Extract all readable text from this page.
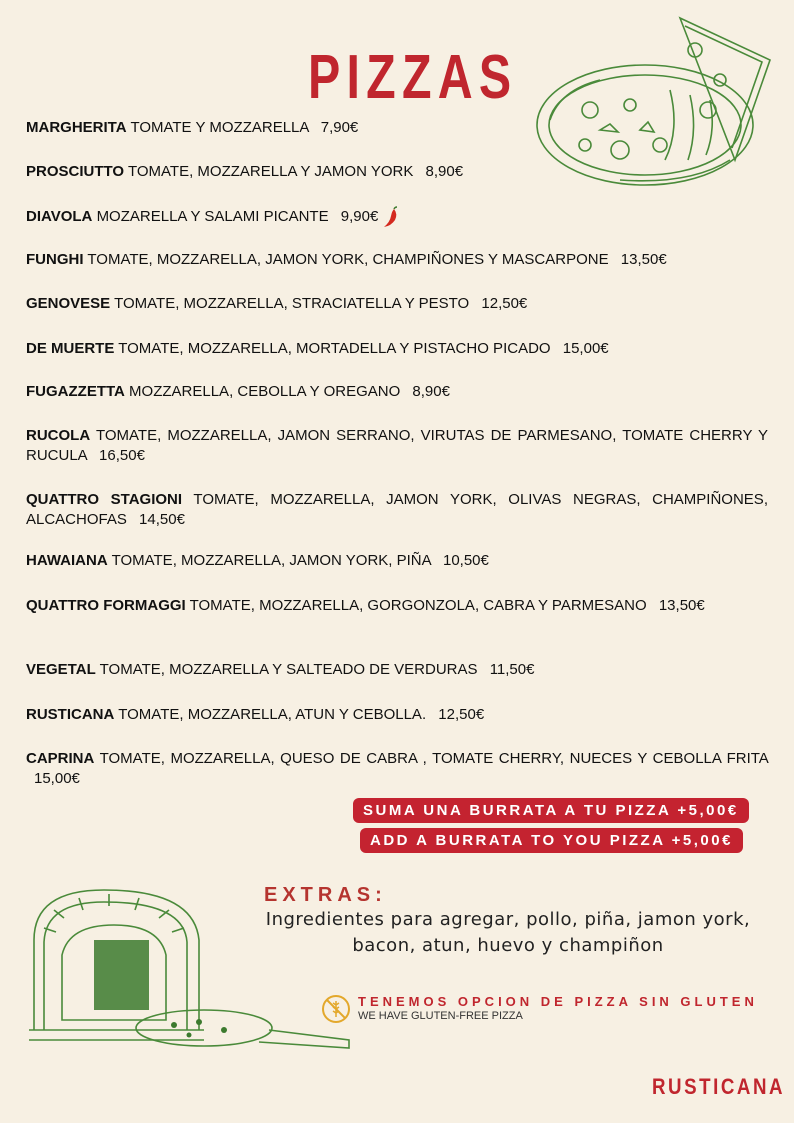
PIZZAS
MARGHERITA TOMATE Y MOZZARELLA 7,90€
PROSCIUTTO TOMATE, MOZZARELLA Y JAMON YORK 8,90€
DIAVOLA MOZARELLA Y SALAMI PICANTE 9,90€
FUNGHI TOMATE, MOZZARELLA, JAMON YORK, CHAMPIÑONES Y MASCARPONE 13,50€
GENOVESE TOMATE, MOZZARELLA, STRACIATELLA Y PESTO 12,50€
DE MUERTE TOMATE, MOZZARELLA, MORTADELLA Y PISTACHO PICADO 15,00€
FUGAZZETTA MOZZARELLA, CEBOLLA Y OREGANO 8,90€
RUCOLA TOMATE, MOZZARELLA, JAMON SERRANO, VIRUTAS DE PARMESANO, TOMATE CHERRY Y RUCULA 16,50€
QUATTRO STAGIONI TOMATE, MOZZARELLA, JAMON YORK, OLIVAS NEGRAS, CHAMPIÑONES, ALCACHOFAS 14,50€
HAWAIANA TOMATE, MOZZARELLA, JAMON YORK, PIÑA 10,50€
QUATTRO FORMAGGI TOMATE, MOZZARELLA, GORGONZOLA, CABRA Y PARMESANO 13,50€
VEGETAL TOMATE, MOZZARELLA Y SALTEADO DE VERDURAS 11,50€
RUSTICANA TOMATE, MOZZARELLA, ATUN Y CEBOLLA. 12,50€
CAPRINA TOMATE, MOZZARELLA, QUESO DE CABRA , TOMATE CHERRY, NUECES Y CEBOLLA FRITA 15,00€
SUMA UNA BURRATA A TU PIZZA +5,00€
ADD A BURRATA TO YOU PIZZA +5,00€
EXTRAS:
Ingredientes para agregar, pollo, piña, jamon york, bacon, atun, huevo y champiñon
TENEMOS OPCION DE PIZZA SIN GLUTEN
WE HAVE GLUTEN-FREE PIZZA
RUSTICANA
